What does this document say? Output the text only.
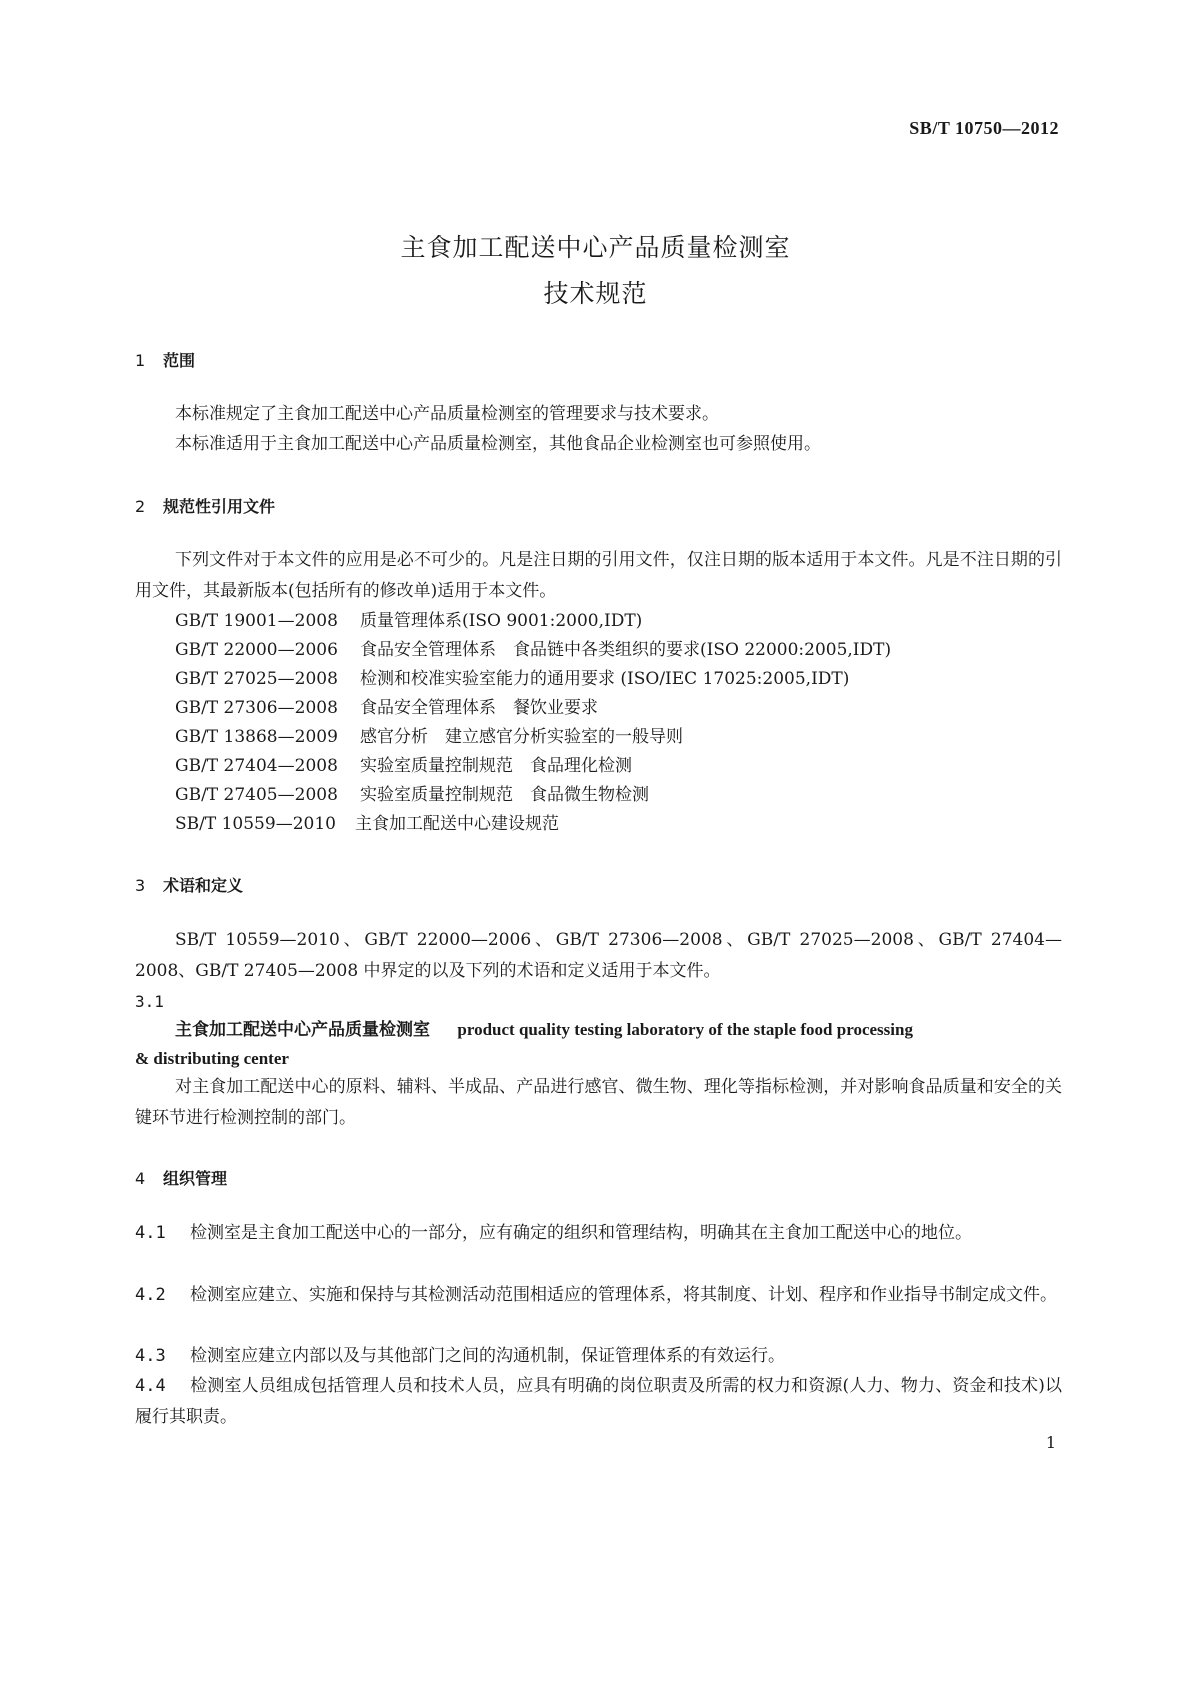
SB/T 10750—2012
主食加工配送中心产品质量检测室
技术规范
1 范围
本标准规定了主食加工配送中心产品质量检测室的管理要求与技术要求。
本标准适用于主食加工配送中心产品质量检测室，其他食品企业检测室也可参照使用。
2 规范性引用文件
下列文件对于本文件的应用是必不可少的。凡是注日期的引用文件，仅注日期的版本适用于本文件。凡是不注日期的引用文件，其最新版本(包括所有的修改单)适用于本文件。
GB/T 19001—2008 质量管理体系(ISO 9001:2000,IDT)
GB/T 22000—2006 食品安全管理体系　食品链中各类组织的要求(ISO 22000:2005,IDT)
GB/T 27025—2008 检测和校准实验室能力的通用要求 (ISO/IEC 17025:2005,IDT)
GB/T 27306—2008 食品安全管理体系　餐饮业要求
GB/T 13868—2009 感官分析　建立感官分析实验室的一般导则
GB/T 27404—2008 实验室质量控制规范　食品理化检测
GB/T 27405—2008 实验室质量控制规范　食品微生物检测
SB/T 10559—2010 主食加工配送中心建设规范
3 术语和定义
SB/T 10559—2010、GB/T 22000—2006、GB/T 27306—2008、GB/T 27025—2008、GB/T 27404—2008、GB/T 27405—2008 中界定的以及下列的术语和定义适用于本文件。
3.1
主食加工配送中心产品质量检测室 product quality testing laboratory of the staple food processing
& distributing center
对主食加工配送中心的原料、辅料、半成品、产品进行感官、微生物、理化等指标检测，并对影响食品质量和安全的关键环节进行检测控制的部门。
4 组织管理
4.1 检测室是主食加工配送中心的一部分，应有确定的组织和管理结构，明确其在主食加工配送中心的地位。
4.2 检测室应建立、实施和保持与其检测活动范围相适应的管理体系，将其制度、计划、程序和作业指导书制定成文件。
4.3 检测室应建立内部以及与其他部门之间的沟通机制，保证管理体系的有效运行。
4.4 检测室人员组成包括管理人员和技术人员，应具有明确的岗位职责及所需的权力和资源(人力、物力、资金和技术)以履行其职责。
1
